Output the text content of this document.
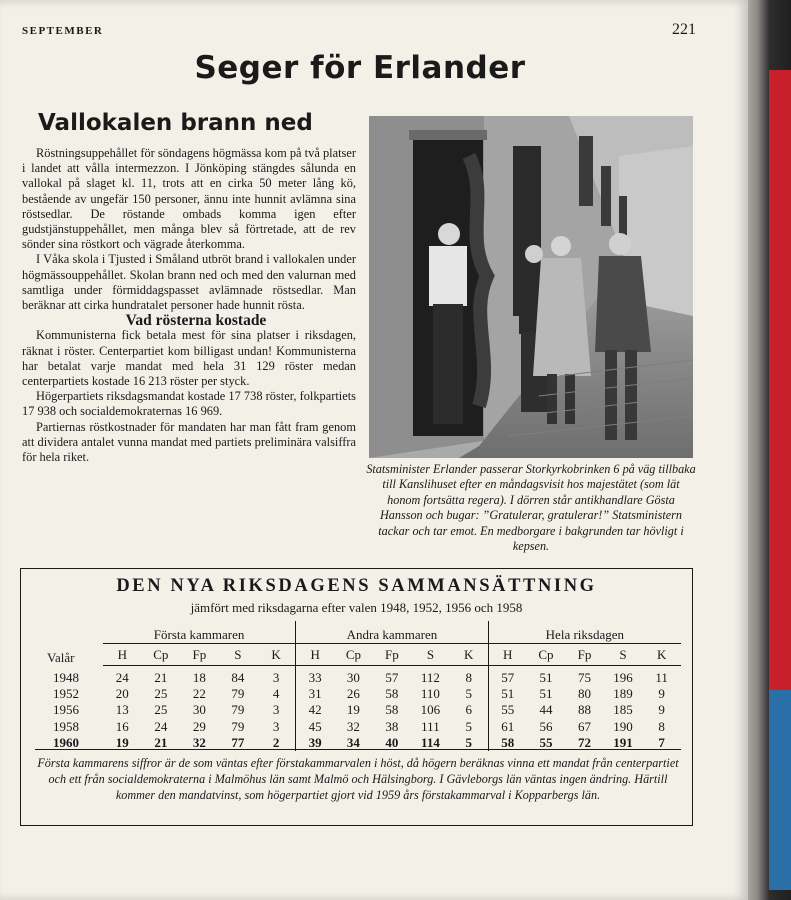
SEPTEMBER	221
Seger för Erlander
Vallokalen brann ned

Röstningsuppehållet för söndagens högmässa kom på två platser i landet att vålla intermezzon. I Jönköping stängdes sålunda en vallokal på slaget kl. 11, trots att en cirka 50 meter lång kö, bestående av ungefär 150 personer, ännu inte hunnit avlämna sina röstsedlar. De röstande ombads komma igen efter gudstjänstuppehållet, men många blev så förtretade, att de rev sönder sina röstkort och vägrade återkomma.

I Våka skola i Tjusted i Småland utbröt brand i vallokalen under högmässouppehållet. Skolan brann ned och med den valurnan med samtliga under förmiddagspasset avlämnade röstsedlar. Man beräknar att cirka hundratalet personer hade hunnit rösta.

Vad rösterna kostade

Kommunisterna fick betala mest för sina platser i riksdagen, räknat i röster. Centerpartiet kom billigast undan! Kommunisterna har betalat varje mandat med hela 31 129 röster medan centerpartiets kostade 16 213 röster per styck.

Högerpartiets riksdagsmandat kostade 17 738 röster, folkpartiets 17 938 och socialdemokraternas 16 969.

Partiernas röstkostnader för mandaten har man fått fram genom att dividera antalet vunna mandat med partiets preliminära valsiffra för hela riket.

Statsminister Erlander passerar Storkyrkobrinken 6 på väg tillbaka till Kanslihuset efter en måndagsvisit hos majestätet (som lät honom fortsätta regera). I dörren står antikhandlare Gösta Hansson och bugar: ”Gratulerar, gratulerar!” Statsministern tackar och tar emot. En medborgare i bakgrunden tar hövligt i kepsen.
DEN NYA RIKSDAGENS SAMMANSÄTTNING
jämfört med riksdagarna efter valen 1948, 1952, 1956 och 1958
Valår	Första kammaren					Andra kammaren					Hela riksdagen				
	H	Cp	Fp	S	K	H	Cp	Fp	S	K	H	Cp	Fp	S	K
1948	24	21	18	84	3	33	30	57	112	8	57	51	75	196	11
1952	20	25	22	79	4	31	26	58	110	5	51	51	80	189	9
1956	13	25	30	79	3	42	19	58	106	6	55	44	88	185	9
1958	16	24	29	79	3	45	32	38	111	5	61	56	67	190	8
1960	19	21	32	77	2	39	34	40	114	5	58	55	72	191	7
Första kammarens siffror är de som väntas efter förstakammarvalen i höst, då högern beräknas vinna ett mandat från centerpartiet och ett från socialdemokraterna i Malmöhus län samt Malmö och Hälsingborg. I Gävleborgs län väntas ingen ändring. Härtill kommer den mandatvinst, som högerpartiet gjort vid 1959 års förstakammarval i Kopparbergs län.
